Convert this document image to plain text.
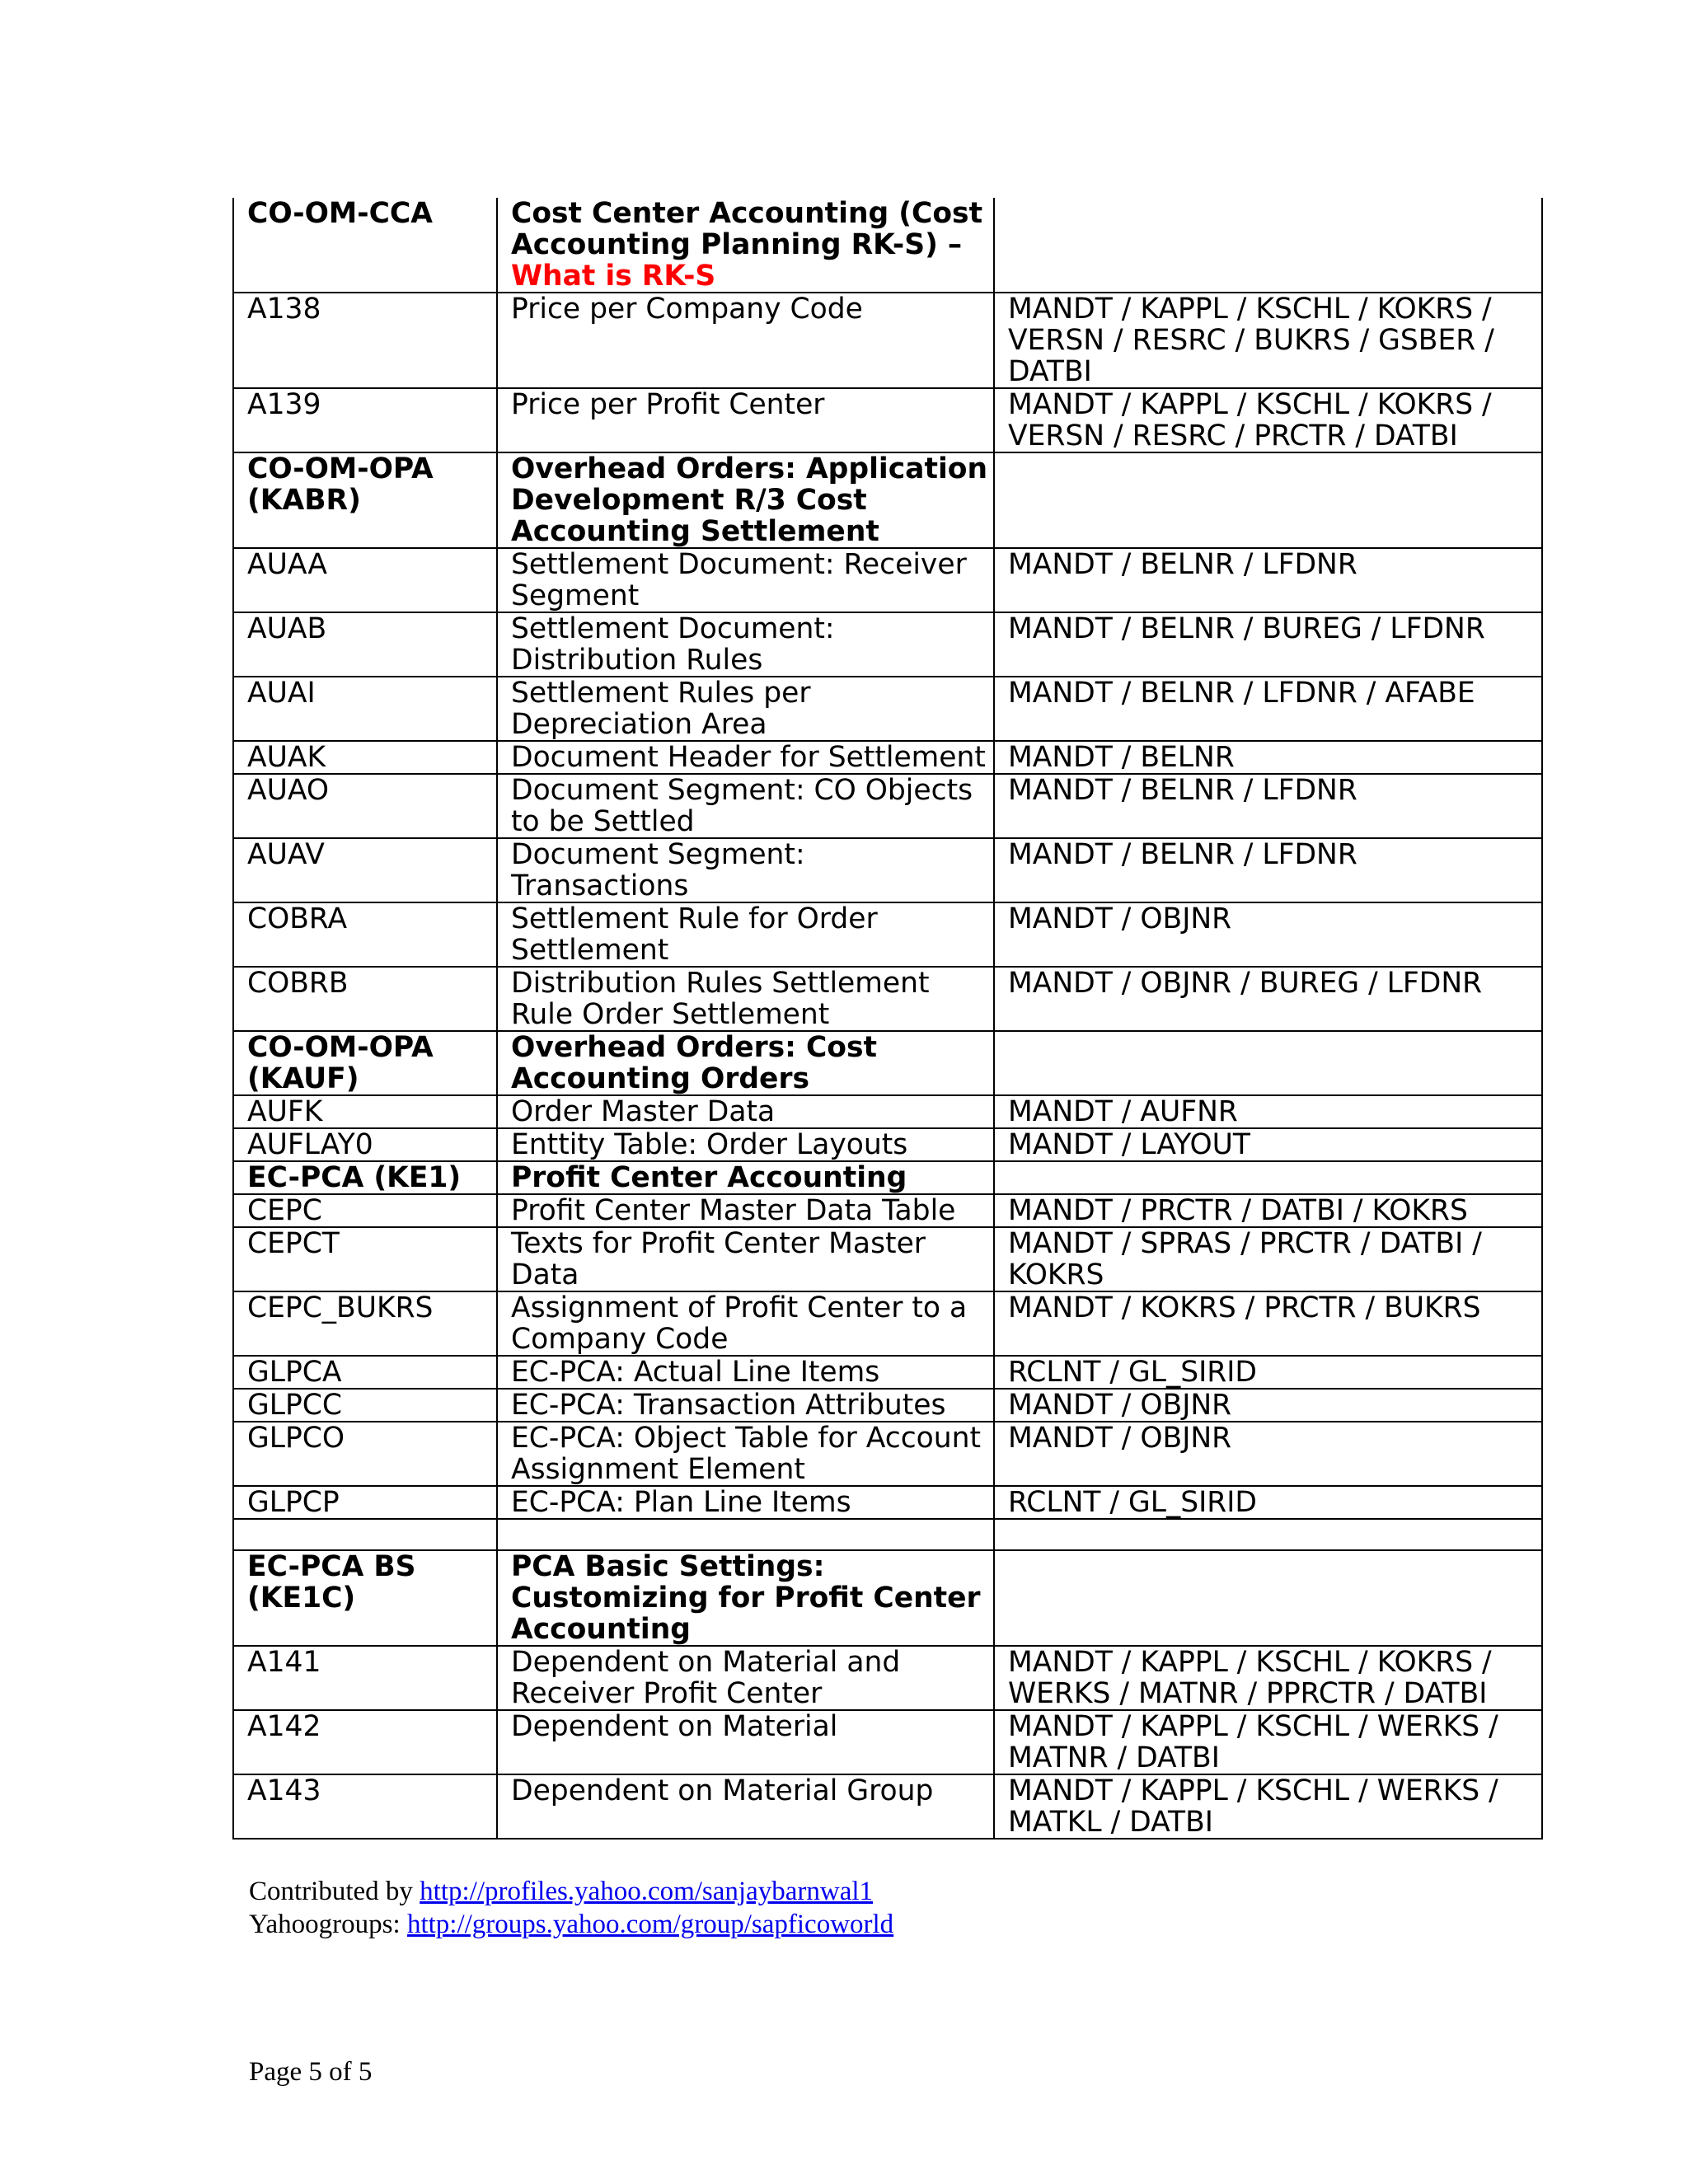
CO-OM-CCA	Cost Center Accounting (Cost Accounting Planning RK-S) –
What is RK-S	

A138	Price per Company Code	MANDT / KAPPL / KSCHL / KOKRS / VERSN / RESRC / BUKRS / GSBER / DATBI
A139	Price per Profit Center	MANDT / KAPPL / KSCHL / KOKRS / VERSN / RESRC / PRCTR / DATBI
CO-OM-OPA (KABR)	Overhead Orders: Application Development R/3 Cost Accounting Settlement	
AUAA	Settlement Document: Receiver Segment	MANDT / BELNR / LFDNR
AUAB	Settlement Document: Distribution Rules	MANDT / BELNR / BUREG / LFDNR
AUAI	Settlement Rules per Depreciation Area	MANDT / BELNR / LFDNR / AFABE
AUAK	Document Header for Settlement	MANDT / BELNR
AUAO	Document Segment: CO Objects to be Settled	MANDT / BELNR / LFDNR
AUAV	Document Segment: Transactions	MANDT / BELNR / LFDNR
COBRA	Settlement Rule for Order Settlement	MANDT / OBJNR
COBRB	Distribution Rules Settlement Rule Order Settlement	MANDT / OBJNR / BUREG / LFDNR
CO-OM-OPA (KAUF)	Overhead Orders: Cost Accounting Orders	
AUFK	Order Master Data	MANDT / AUFNR
AUFLAY0	Enttity Table: Order Layouts	MANDT / LAYOUT
EC-PCA (KE1)	Profit Center Accounting	
CEPC	Profit Center Master Data Table	MANDT / PRCTR / DATBI / KOKRS
CEPCT	Texts for Profit Center Master Data	MANDT / SPRAS / PRCTR / DATBI / KOKRS
CEPC_BUKRS	Assignment of Profit Center to a Company Code	MANDT / KOKRS / PRCTR / BUKRS
GLPCA	EC-PCA: Actual Line Items	RCLNT / GL_SIRID
GLPCC	EC-PCA: Transaction Attributes	MANDT / OBJNR
GLPCO	EC-PCA: Object Table for Account Assignment Element	MANDT / OBJNR
GLPCP	EC-PCA: Plan Line Items	RCLNT / GL_SIRID

EC-PCA BS (KE1C)	PCA Basic Settings: Customizing for Profit Center Accounting	
A141	Dependent on Material and Receiver Profit Center	MANDT / KAPPL / KSCHL / KOKRS / WERKS / MATNR / PPRCTR / DATBI
A142	Dependent on Material	MANDT / KAPPL / KSCHL / WERKS / MATNR / DATBI
A143	Dependent on Material Group	MANDT / KAPPL / KSCHL / WERKS / MATKL / DATBI
Contributed by http://profiles.yahoo.com/sanjaybarnwal1
Yahoogroups: http://groups.yahoo.com/group/sapficoworld
Page 5 of 5
